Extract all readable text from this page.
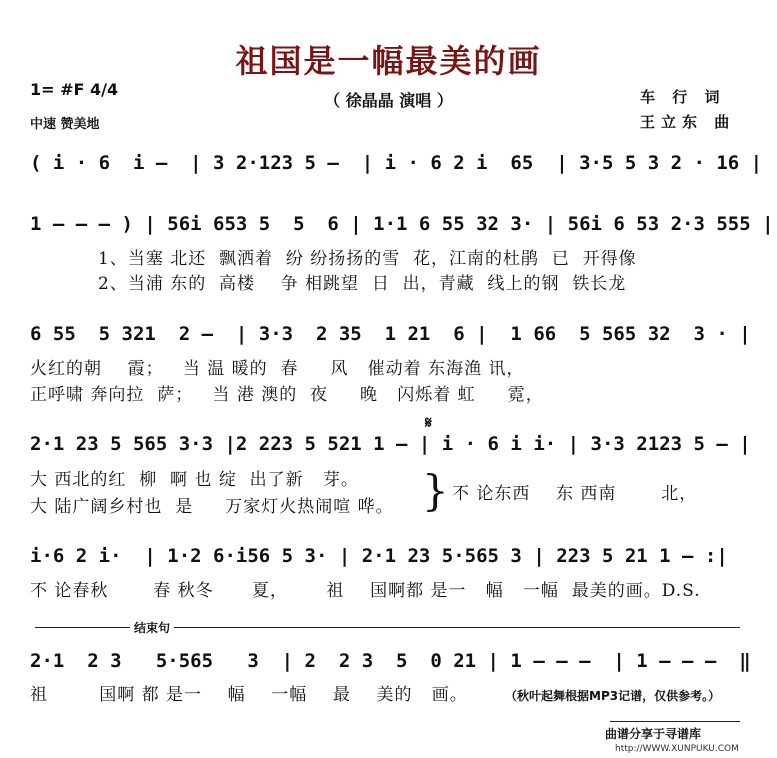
祖国是一幅最美的画
（ 徐晶晶 演唱 ）
1= #F 4/4
中速 赞美地
车 行 词
王立东 曲
( i · 6  i –  | 3 2·123 5 –  | i · 6 2 i  65  | 3·5 5 3 2 · 16 |
1 – – – ) | 56i 653 5  5  6 | 1·1 6 55 32 3· | 56i 6 53 2·3 555 |
1、当塞 北还  飘洒着  纷 纷扬扬的雪  花，江南的杜鹃  已  开得像
2、当浦 东的  高楼    争 相跳望  日  出，青藏  线上的钢  铁长龙
6 55  5 321  2 –  | 3·3  2 35  1 21  6 |  1 66  5 565 32  3 · |
火红的朝    霞；   当 温 暖的  春     风   催动着 东海渔 讯，
正呼啸 奔向拉  萨；   当 港 澳的  夜     晚   闪烁着 虹     霓，
𝄋
2·1 23 5 565 3·3 |2 223 5 521 1 – | i · 6 i i· | 3·3 2123 5 – |
大 西北的红  柳  啊 也 绽  出了新   芽。
大 陆广阔乡村也  是     万家灯火热闹喧 哗。 } 不 论东西    东 西南       北，
i·6 2 i·  | 1·2 6·i56 5 3· | 2·1 23 5·565 3 | 223 5 21 1 – :|
不 论春秋       春 秋冬      夏，      祖    国啊都 是一   幅   一幅  最美的画。D.S.
结束句
2·1  2 3   5·565   3  | 2  2 3  5  0 21 | 1 – – –  | 1 – – –  ‖
祖        国啊 都 是一    幅    一幅    最    美的   画。	（秋叶起舞根据MP3记谱，仅供参考。）
曲谱分享于寻谱库
http://WWW.XUNPUKU.COM
